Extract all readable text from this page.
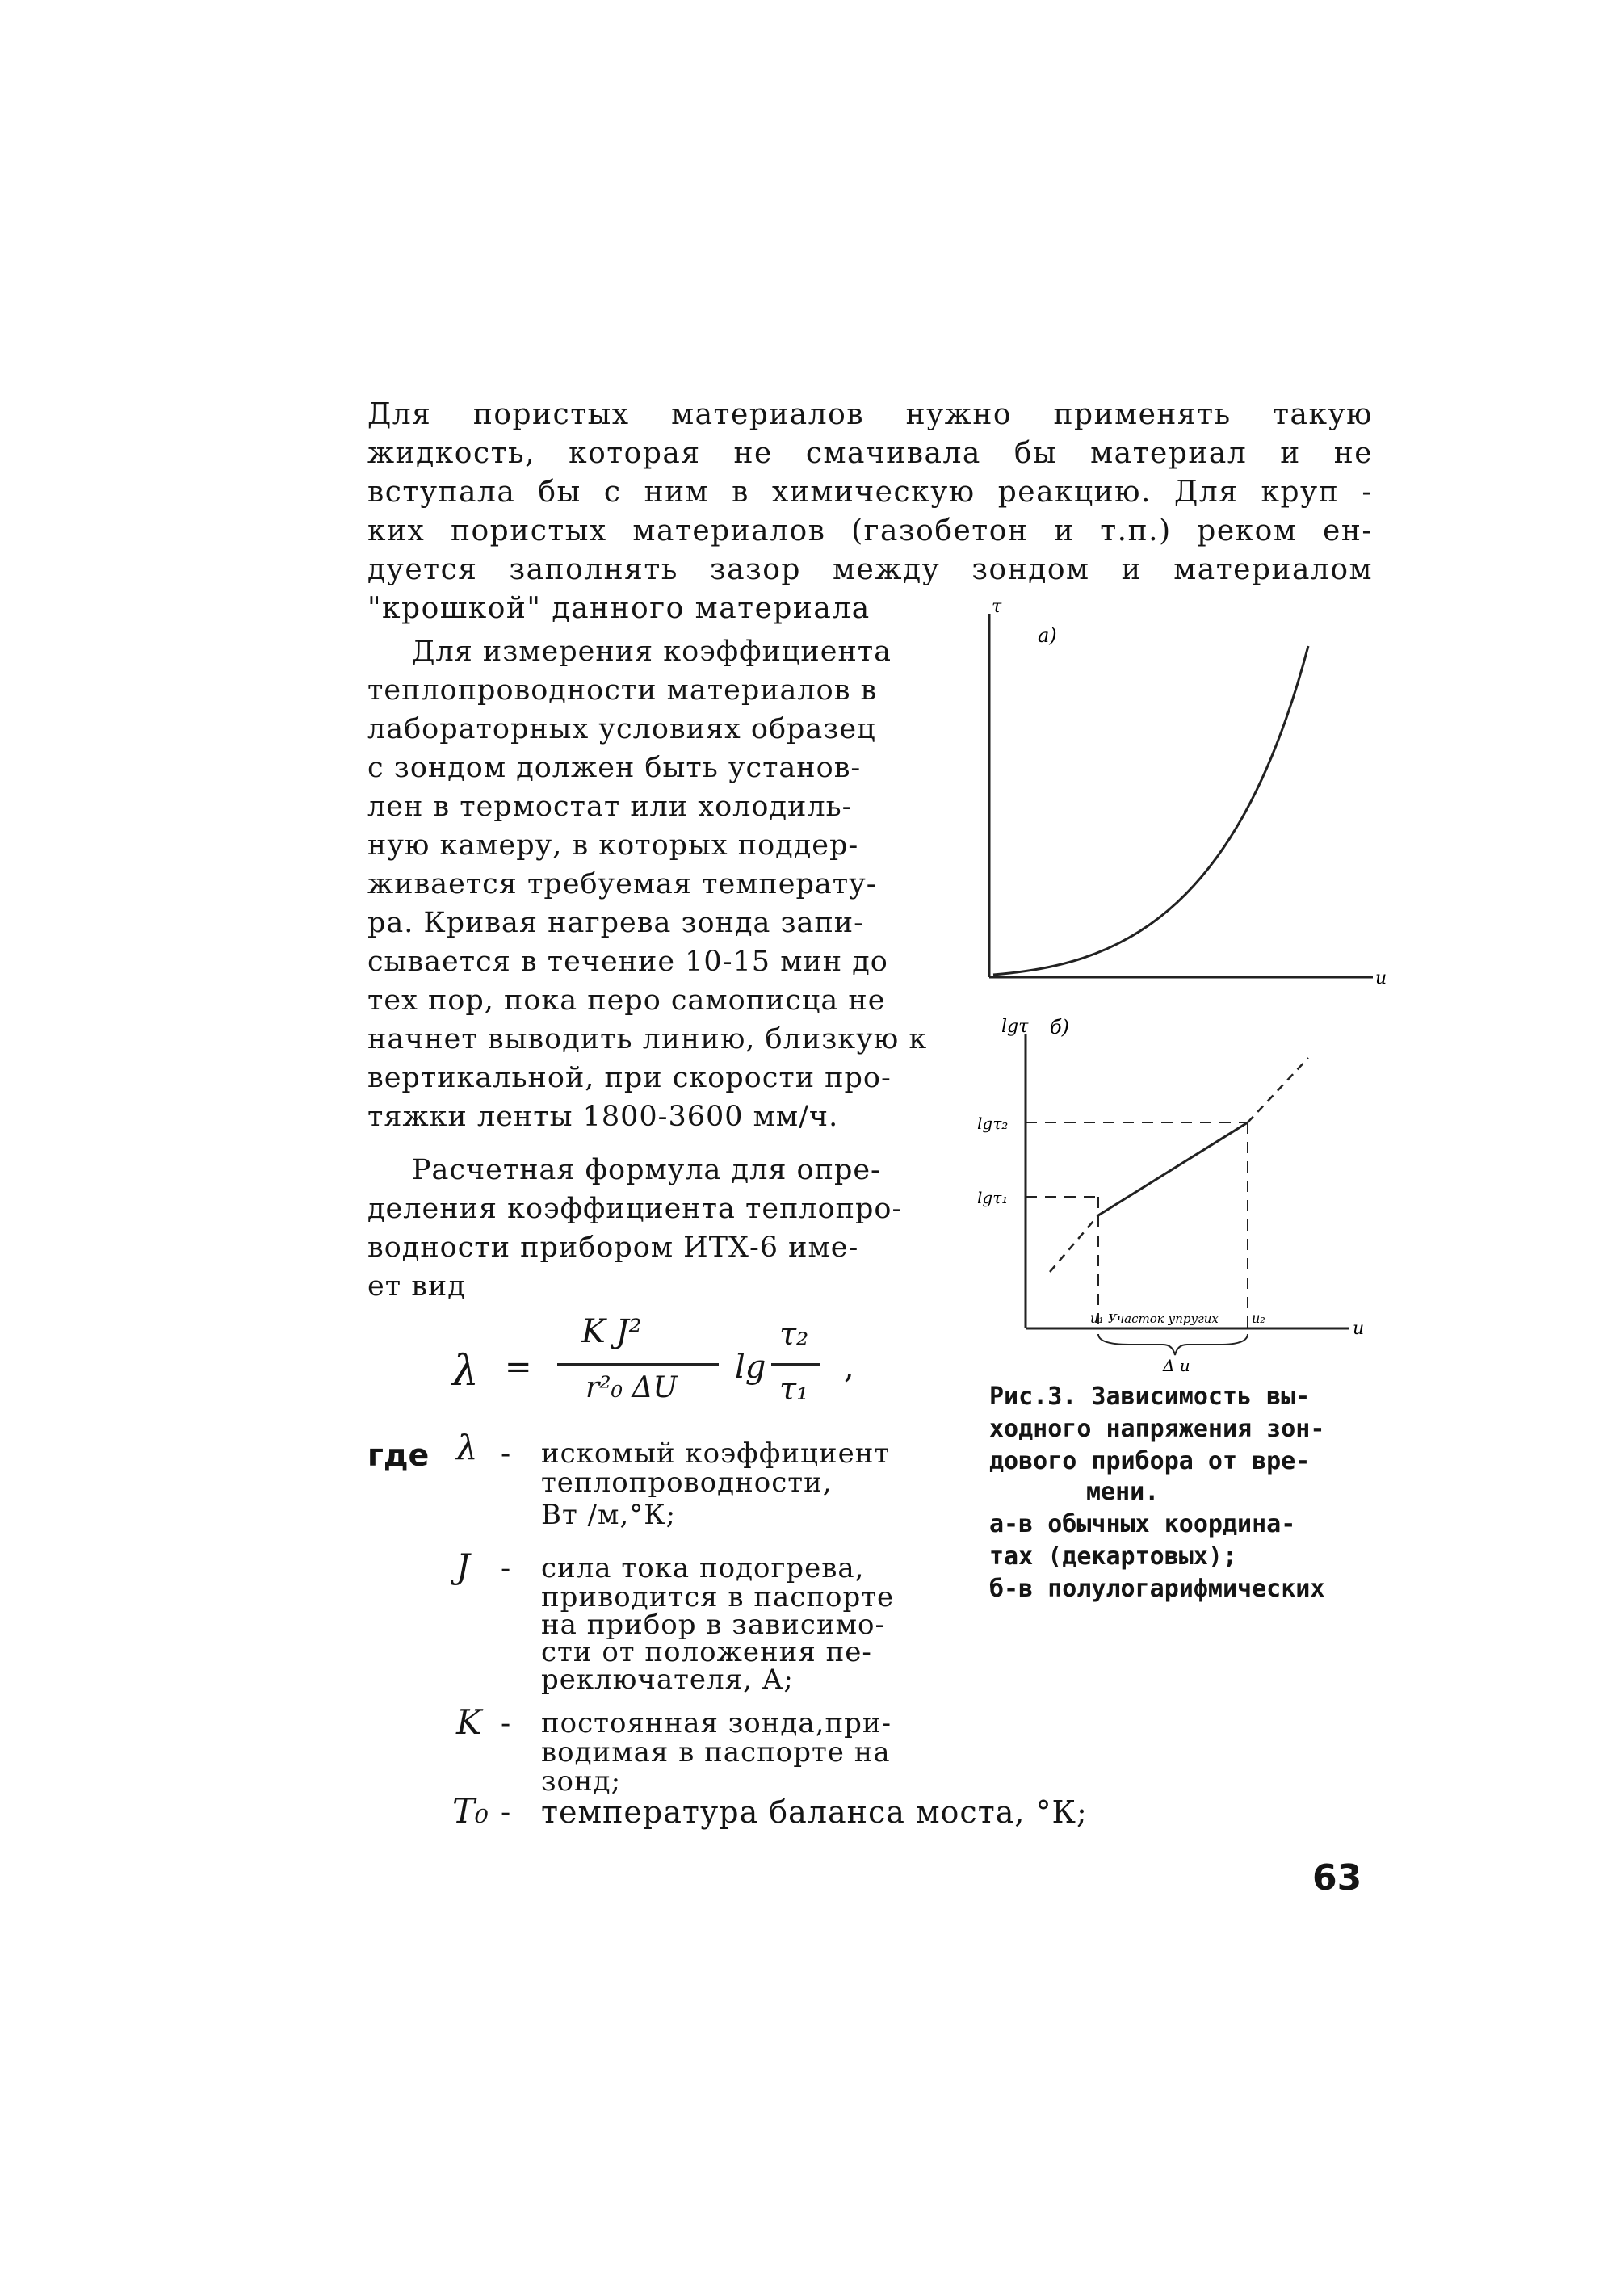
Для пористых материалов нужно применять такую
жидкость, которая не смачивала бы материал и не
вступала бы с ним в химическую реакцию. Для круп -
ких пористых материалов (газобетон и т.п.) реком ен-
дуется заполнять зазор между зондом и материалом
"крошкой" данного материала
Для измерения коэффициента
теплопроводности материалов в
лабораторных условиях образец
с зондом должен быть установ-
лен в термостат или холодиль-
ную камеру, в которых поддер-
живается требуемая температу-
ра. Кривая нагрева зонда запи-
сывается в течение 10-15 мин до
тех пор, пока перо самописца не
начнет выводить линию, близкую к
вертикальной, при скорости про-
тяжки ленты 1800-3600 мм/ч.
Расчетная формула для опре-
деления коэффициента теплопро-
водности прибором ИТХ-6 име-
ет вид
λ =
K J²
r²₀ ΔU
lg
τ₂
τ₁
,
где λ - искомый коэффициент
теплопроводности,
Вт /м,°К;
J - сила тока подогрева,
приводится в паспорте
на прибор в зависимо-
сти от положения пе-
реключателя, А;
K - постоянная зонда,при-
водимая в паспорте на
зонд;
T₀ - температура баланса моста, °К;
τ
u
а)
lgτ б)
u
lgτ₂
lgτ₁
u₁ Участок упругих	u₂
Δ u
Рис.3. Зависимость вы-
ходного напряжения зон-
дового прибора от вре-
мени.
а-в обычных координа-
тах (декартовых);
б-в полулогарифмических
63
